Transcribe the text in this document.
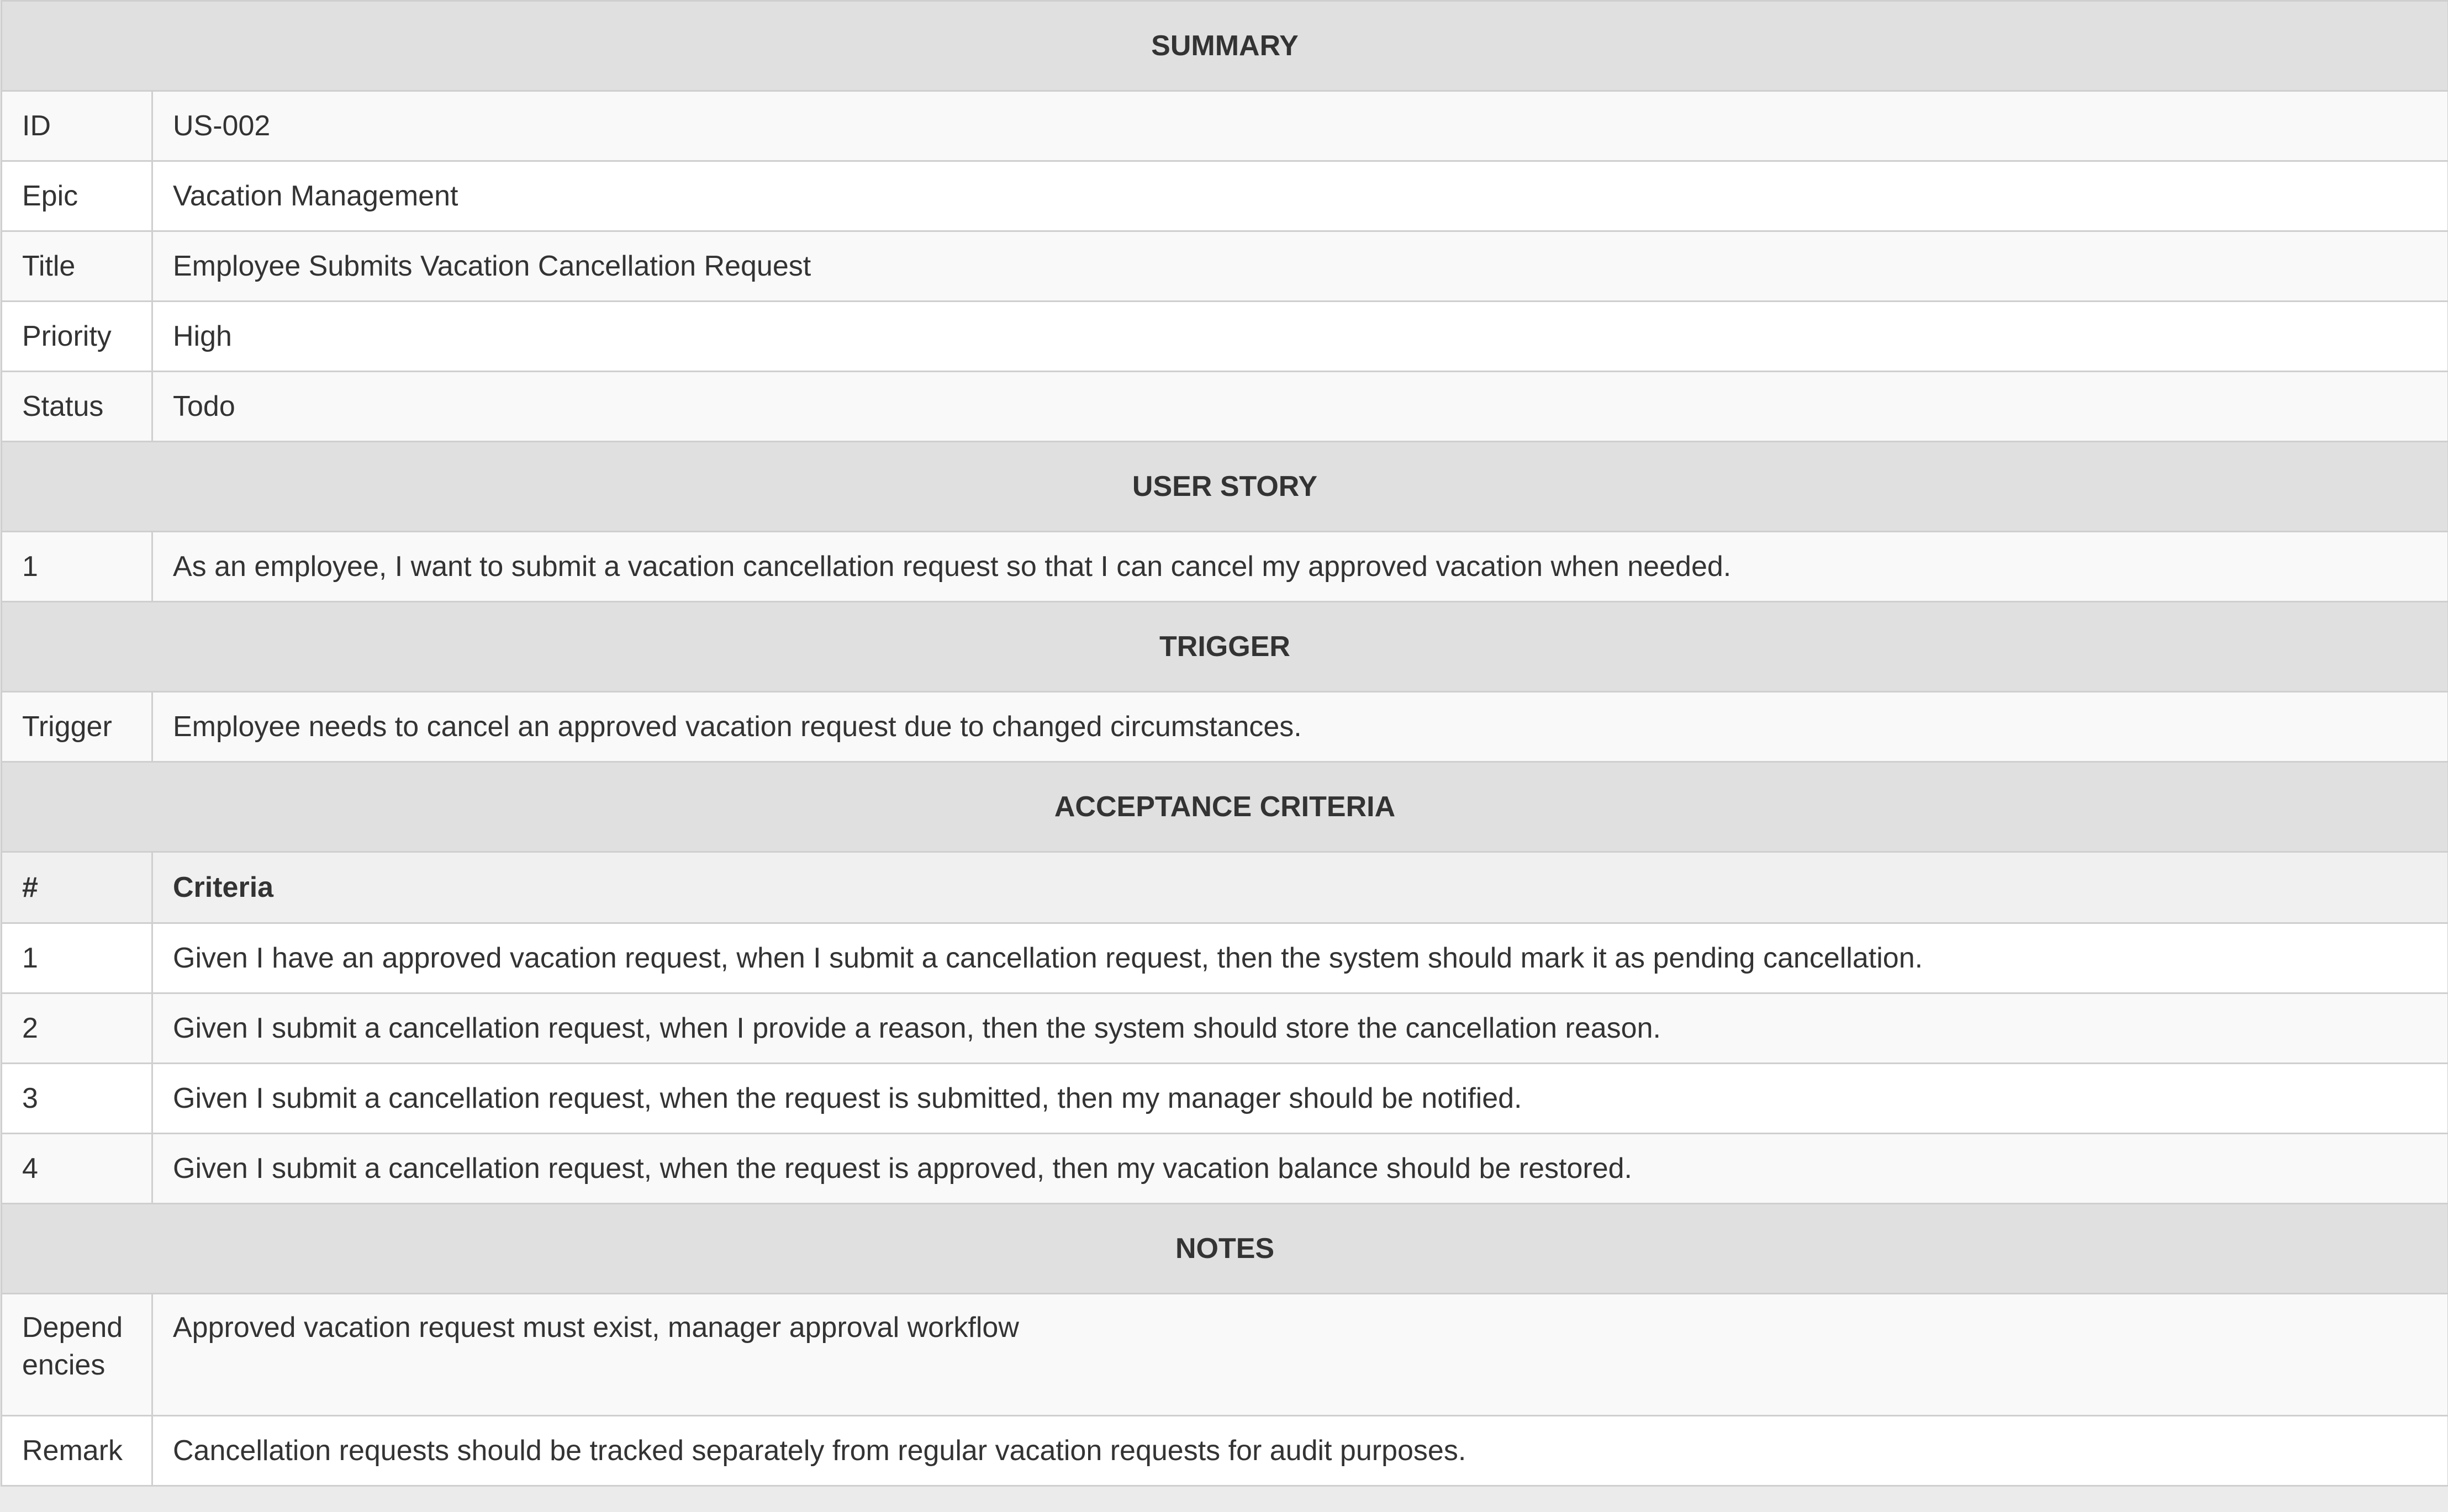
SUMMARY	
ID	US-002
Epic	Vacation Management
Title	Employee Submits Vacation Cancellation Request
Priority	High
Status	Todo
USER STORY	
1	As an employee, I want to submit a vacation cancellation request so that I can cancel my approved vacation when needed.
TRIGGER	
Trigger	Employee needs to cancel an approved vacation request due to changed circumstances.
ACCEPTANCE CRITERIA	
#	Criteria
1	Given I have an approved vacation request, when I submit a cancellation request, then the system should mark it as pending cancellation.
2	Given I submit a cancellation request, when I provide a reason, then the system should store the cancellation reason.
3	Given I submit a cancellation request, when the request is submitted, then my manager should be notified.
4	Given I submit a cancellation request, when the request is approved, then my vacation balance should be restored.
NOTES	
Dependencies	Approved vacation request must exist, manager approval workflow
Remark	Cancellation requests should be tracked separately from regular vacation requests for audit purposes.
